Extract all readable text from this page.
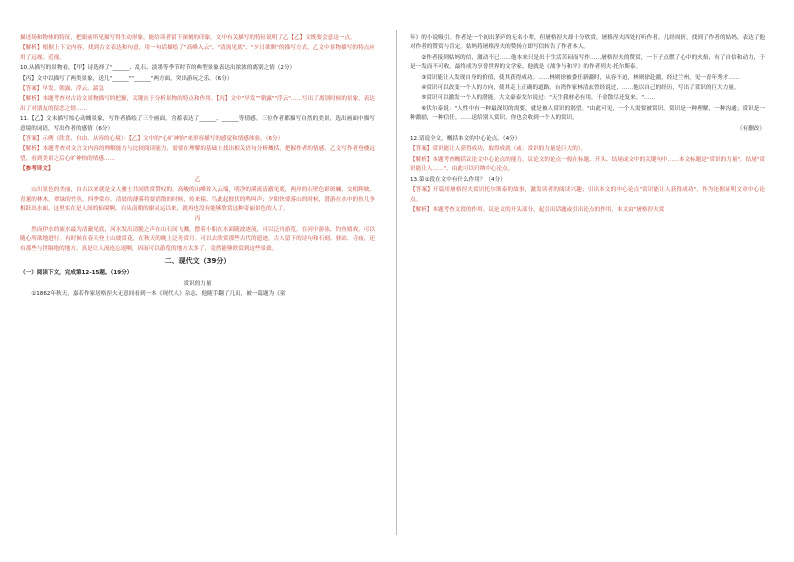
描述场和物体的特征，把眼前所见描写得生动形象，能给读者留下深刻的印象。文中有关描写的特征说明了乙【乙】文既要会意这一点，

【解析】根据上下文内容，找到古文表达和句意，用一句话描绘了"高峰入云"、"清流见底"、"夕日欲颓"的描写方式，乙文中景物描写的特点应用了远视、近视。

10.从描写的景物看，【甲】诗选择了"______、乱石、淡墨等季节时节的典型景象表达出浓浓的离别之情（2分）

【丙】文中以描写了两类景象，送儿"______""______"两方面，突出游玩之乐。（6分）

【答案】早发、朝露、浮云、湍急

【解析】本题考查对古诗文景物描写的把握，关键在于分析景物的特点和作用。【丙】文中"早发""朝露""浮云"……写出了离别时候的景象，表达出了对朋友的留恋之情……

11.【乙】文末描写惊心动魄景象，写作者描绘了三个画面，含蓄表达了______、______等情感。三位作者都描写自然的美景，选出画面中描写意境的词语，写出作者的感情（6分）

【答案】示例（欣喜、自由、从容的心境）：【乙】文中的"心旷神怡"来形容描写的感觉和情感体验。（6分）

【解析】本题考查对文言文内容的理解能力与比较阅读能力，需要在理解的基础上找出相关语句分析概括，把握作者的情感，乙文写作者登楼远望，看到美景之后心旷神怡的情感……

【参考译文】

乙

山川景色的美丽，自古以来就是文人雅士共同欣赏赞叹的。高峻的山峰耸入云端，明净的溪流清澈见底，两岸的石壁色彩斑斓，交相辉映。青葱的林木，翠绿的竹丛，四季常存。清晨的薄雾将要消散的时候，传来猿、鸟此起彼伏的鸣叫声；夕阳快要落山的时候，潜游在水中的鱼儿争相跃出水面。这里实在是人间的仙境啊。自从南朝的谢灵运以来，就再也没有能够欣赏这种奇丽景色的人了。

丙

然而伊水的流水最为清澈见底，河水发出清脆之声在山石间飞溅，摆着小船在水面随波逐流，可以泛舟游览，在河中游泳，钓鱼嬉戏，可以随心所欲地进行。有时候在春天登上山坡赏花，在秋天的晚上泛舟赏月。可以去欣赏那些古代的遗迹，古人留下的诗句和石刻、驿站、寺庙，还有那些与世隔绝的地方。真是让人流连忘返啊，因而可以游览的地方太多了，竟然能够欣赏到这些景致。

二、现代文（39分）

（一）阅读下文，完成第12-15题。（19分）

赏识的力量

①1862年秋天，嘉若作家居格涅夫无意间看到一本《现代人》杂志，他随手翻了几页，被一篇题为《童

年》的小说吸引。作者是一个初出茅庐的无名小辈，但屠格涅夫却十分欣赏，屠格涅夫四处打听作者，几经周折，找到了作者的姑妈，表达了他对作者的赞赏与肯定。姑妈将屠格涅夫的赞扬立即写信转告了作者本人。

②作者接到姑妈的信，激动不已……他本来只是出于生活苦闷而写作……屠格涅夫的赞赏，一下子点燃了心中的火焰，有了自信和动力，于是一发而不可收，最终成为享誉世界的文学家。他就是《战争与和平》的作者列夫·托尔斯泰。

③赏识能让人发现自身的价值，使其获得成功。……林则徐被委任新疆时，从容不迫，林则徐赴疆，经过兰州，见一青年秀才……

④赏识可以改变一个人的方向，使其走上正确的道路。台湾作家林清玄曾经说过，……他以自己的经历，写出了赏识的巨大力量。

⑤赏识可以激发一个人的潜能。大文豪泰戈尔说过："天生我材必有用，千金散尽还复来。"……

⑥伏尔泰说："人性中有一种最深切的需要，就是被人赏识的渴望。"由此可见，一个人需要被赏识。赏识是一种理解，一种沟通；赏识是一种激励，一种信任。……送给别人赏识，你也会收到一个人的赏识。

（有删改）

12.请说全文，概括本文的中心论点。（4分）

【答案】赏识能让人获得成功，取得成就（或：赏识的力量是巨大的）。

【解析】本题考查概括议论文中心论点的能力。议论文的论点一般在标题、开头、结尾或文中的关键句中……本文标题是"赏识的力量"，结尾"赏识能让人……"，由此可以归纳中心论点。

13.第①段在文中有什么作用？（4分）

【答案】开篇用屠格涅夫赏识托尔斯泰的故事，激发读者的阅读兴趣；引出本文的中心论点"赏识能让人获得成功"，作为论据证明文章中心论点。

【解析】本题考查文段的作用。议论文的开头部分，起引出话题或引出论点的作用，本文由"屠格涅夫赏
